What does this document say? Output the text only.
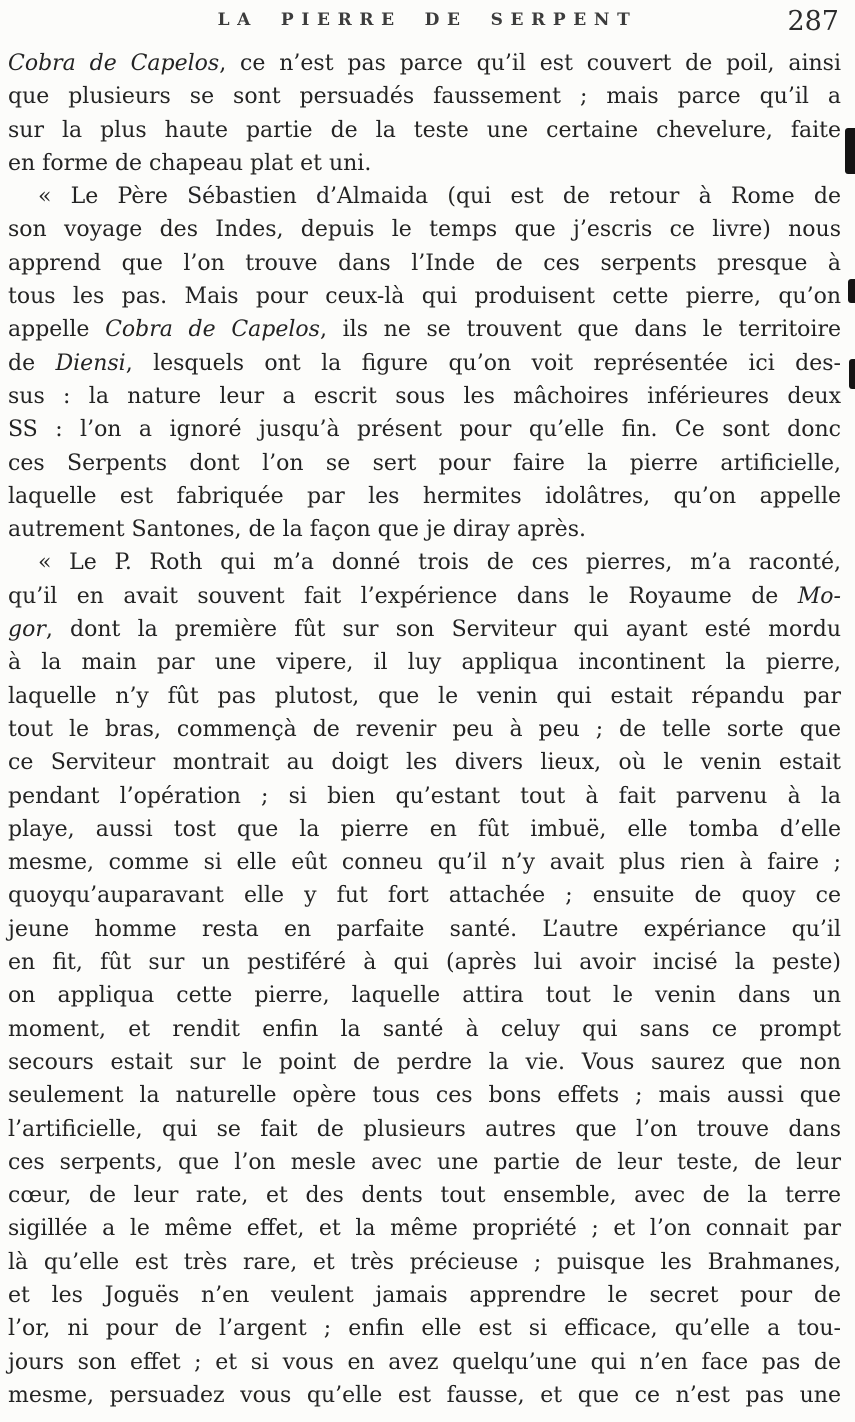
LA PIERRE DE SERPENT	287
Cobra de Capelos, ce n’est pas parce qu’il est couvert de poil, ainsi
que plusieurs se sont persuadés faussement ; mais parce qu’il a
sur la plus haute partie de la teste une certaine chevelure, faite
en forme de chapeau plat et uni.
« Le Père Sébastien d’Almaida (qui est de retour à Rome de
son voyage des Indes, depuis le temps que j’escris ce livre) nous
apprend que l’on trouve dans l’Inde de ces serpents presque à
tous les pas. Mais pour ceux-là qui produisent cette pierre, qu’on
appelle Cobra de Capelos, ils ne se trouvent que dans le territoire
de Diensi, lesquels ont la figure qu’on voit représentée ici des-
sus : la nature leur a escrit sous les mâchoires inférieures deux
SS : l’on a ignoré jusqu’à présent pour qu’elle fin. Ce sont donc
ces Serpents dont l’on se sert pour faire la pierre artificielle,
laquelle est fabriquée par les hermites idolâtres, qu’on appelle
autrement Santones, de la façon que je diray après.
« Le P. Roth qui m’a donné trois de ces pierres, m’a raconté,
qu’il en avait souvent fait l’expérience dans le Royaume de Mo-
gor, dont la première fût sur son Serviteur qui ayant esté mordu
à la main par une vipere, il luy appliqua incontinent la pierre,
laquelle n’y fût pas plutost, que le venin qui estait répandu par
tout le bras, commençà de revenir peu à peu ; de telle sorte que
ce Serviteur montrait au doigt les divers lieux, où le venin estait
pendant l’opération ; si bien qu’estant tout à fait parvenu à la
playe, aussi tost que la pierre en fût imbuë, elle tomba d’elle
mesme, comme si elle eût conneu qu’il n’y avait plus rien à faire ;
quoyqu’auparavant elle y fut fort attachée ; ensuite de quoy ce
jeune homme resta en parfaite santé. L’autre expériance qu’il
en fit, fût sur un pestiféré à qui (après lui avoir incisé la peste)
on appliqua cette pierre, laquelle attira tout le venin dans un
moment, et rendit enfin la santé à celuy qui sans ce prompt
secours estait sur le point de perdre la vie. Vous saurez que non
seulement la naturelle opère tous ces bons effets ; mais aussi que
l’artificielle, qui se fait de plusieurs autres que l’on trouve dans
ces serpents, que l’on mesle avec une partie de leur teste, de leur
cœur, de leur rate, et des dents tout ensemble, avec de la terre
sigillée a le même effet, et la même propriété ; et l’on connait par
là qu’elle est très rare, et très précieuse ; puisque les Brahmanes,
et les Joguës n’en veulent jamais apprendre le secret pour de
l’or, ni pour de l’argent ; enfin elle est si efficace, qu’elle a tou-
jours son effet ; et si vous en avez quelqu’une qui n’en face pas de
mesme, persuadez vous qu’elle est fausse, et que ce n’est pas une
